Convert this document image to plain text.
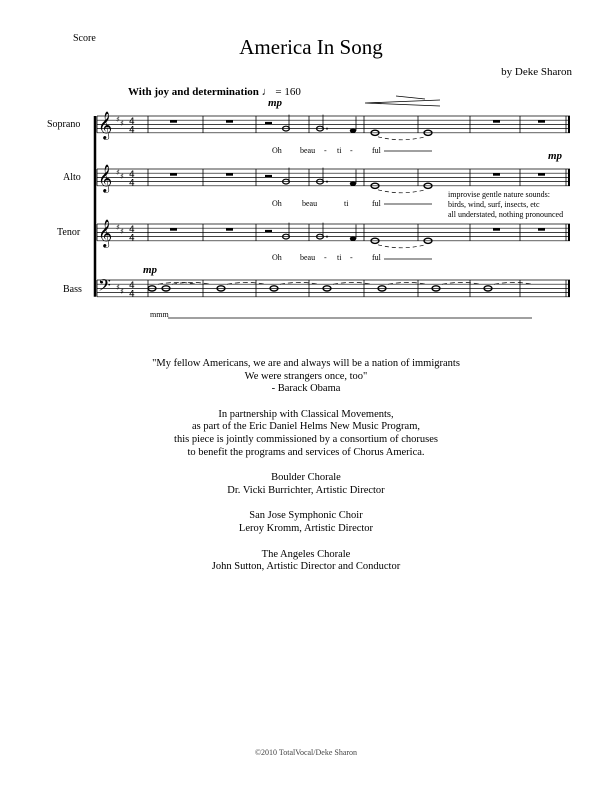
Score	America In Song
by Deke Sharon
With joy and determination ♩ = 160
Soprano
Alto
Tenor
Bass
𝄞 ♯ ♯ 4
4
𝄞 ♯ ♯ 4
4
𝄞 ♯ ♯ 4
4
𝄢 ♯ ♯
4
4
mp
mp
mp
Oh beau - ti - ful
Oh	beau	ti	ful
Oh beau - ti - ful
improvise gentle nature sounds:
birds, wind, surf, insects, etc
all understated, nothing pronounced
mmm

"My fellow Americans, we are and always will be a nation of immigrants
We were strangers once, too"
- Barack Obama

In partnership with Classical Movements,
as part of the Eric Daniel Helms New Music Program,
this piece is jointly commissioned by a consortium of choruses
to benefit the programs and services of Chorus America.

Boulder Chorale
Dr. Vicki Burrichter, Artistic Director

San Jose Symphonic Choir
Leroy Kromm, Artistic Director

The Angeles Chorale
John Sutton, Artistic Director and Conductor

©2010 TotalVocal/Deke Sharon
